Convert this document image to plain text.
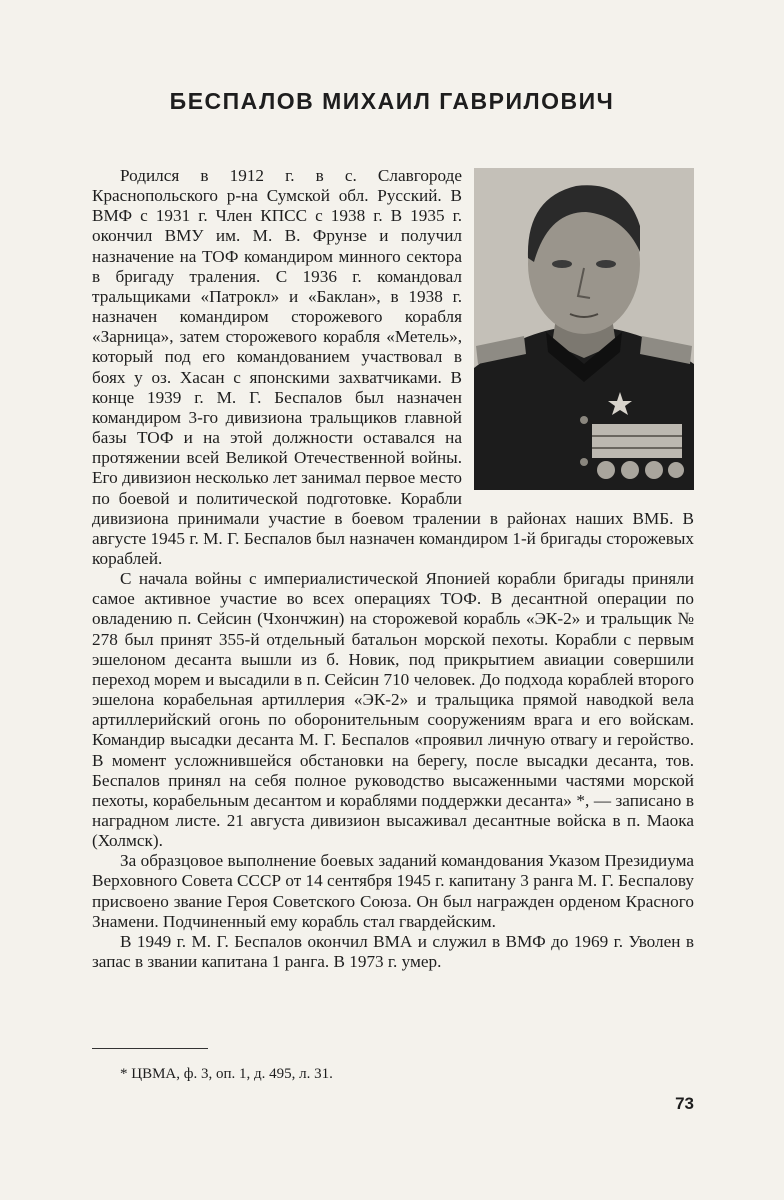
БЕСПАЛОВ МИХАИЛ ГАВРИЛОВИЧ

Родился в 1912 г. в с. Славгороде Краснопольского р-на Сумской обл. Русский. В ВМФ с 1931 г. Член КПСС с 1938 г. В 1935 г. окончил ВМУ им. М. В. Фрунзе и получил назначение на ТОФ командиром минного сектора в бригаду траления. С 1936 г. командовал тральщиками «Патрокл» и «Баклан», в 1938 г. назначен командиром сторожевого корабля «Зарница», затем сторожевого корабля «Метель», который под его командованием участвовал в боях у оз. Хасан с японскими захватчиками. В конце 1939 г. М. Г. Беспалов был назначен командиром 3-го дивизиона тральщиков главной базы ТОФ и на этой должности оставался на протяжении всей Великой Отечественной войны. Его дивизион несколько лет занимал первое место по боевой и политической подготовке. Корабли дивизиона принимали участие в боевом тралении в районах наших ВМБ. В августе 1945 г. М. Г. Беспалов был назначен командиром 1-й бригады сторожевых кораблей.

С начала войны с империалистической Японией корабли бригады приняли самое активное участие во всех операциях ТОФ. В десантной операции по овладению п. Сейсин (Чхончжин) на сторожевой корабль «ЭК-2» и тральщик № 278 был принят 355-й отдельный батальон морской пехоты. Корабли с первым эшелоном десанта вышли из б. Новик, под прикрытием авиации совершили переход морем и высадили в п. Сейсин 710 человек. До подхода кораблей второго эшелона корабельная артиллерия «ЭК-2» и тральщика прямой наводкой вела артиллерийский огонь по оборонительным сооружениям врага и его войскам. Командир высадки десанта М. Г. Беспалов «проявил личную отвагу и геройство. В момент усложнившейся обстановки на берегу, после высадки десанта, тов. Беспалов принял на себя полное руководство высаженными частями морской пехоты, корабельным десантом и кораблями поддержки десанта» *, — записано в наградном листе. 21 августа дивизион высаживал десантные войска в п. Маока (Холмск).

За образцовое выполнение боевых заданий командования Указом Президиума Верховного Совета СССР от 14 сентября 1945 г. капитану 3 ранга М. Г. Беспалову присвоено звание Героя Советского Союза. Он был награжден орденом Красного Знамени. Подчиненный ему корабль стал гвардейским.

В 1949 г. М. Г. Беспалов окончил ВМА и служил в ВМФ до 1969 г. Уволен в запас в звании капитана 1 ранга. В 1973 г. умер.

* ЦВМА, ф. 3, оп. 1, д. 495, л. 31.
73
